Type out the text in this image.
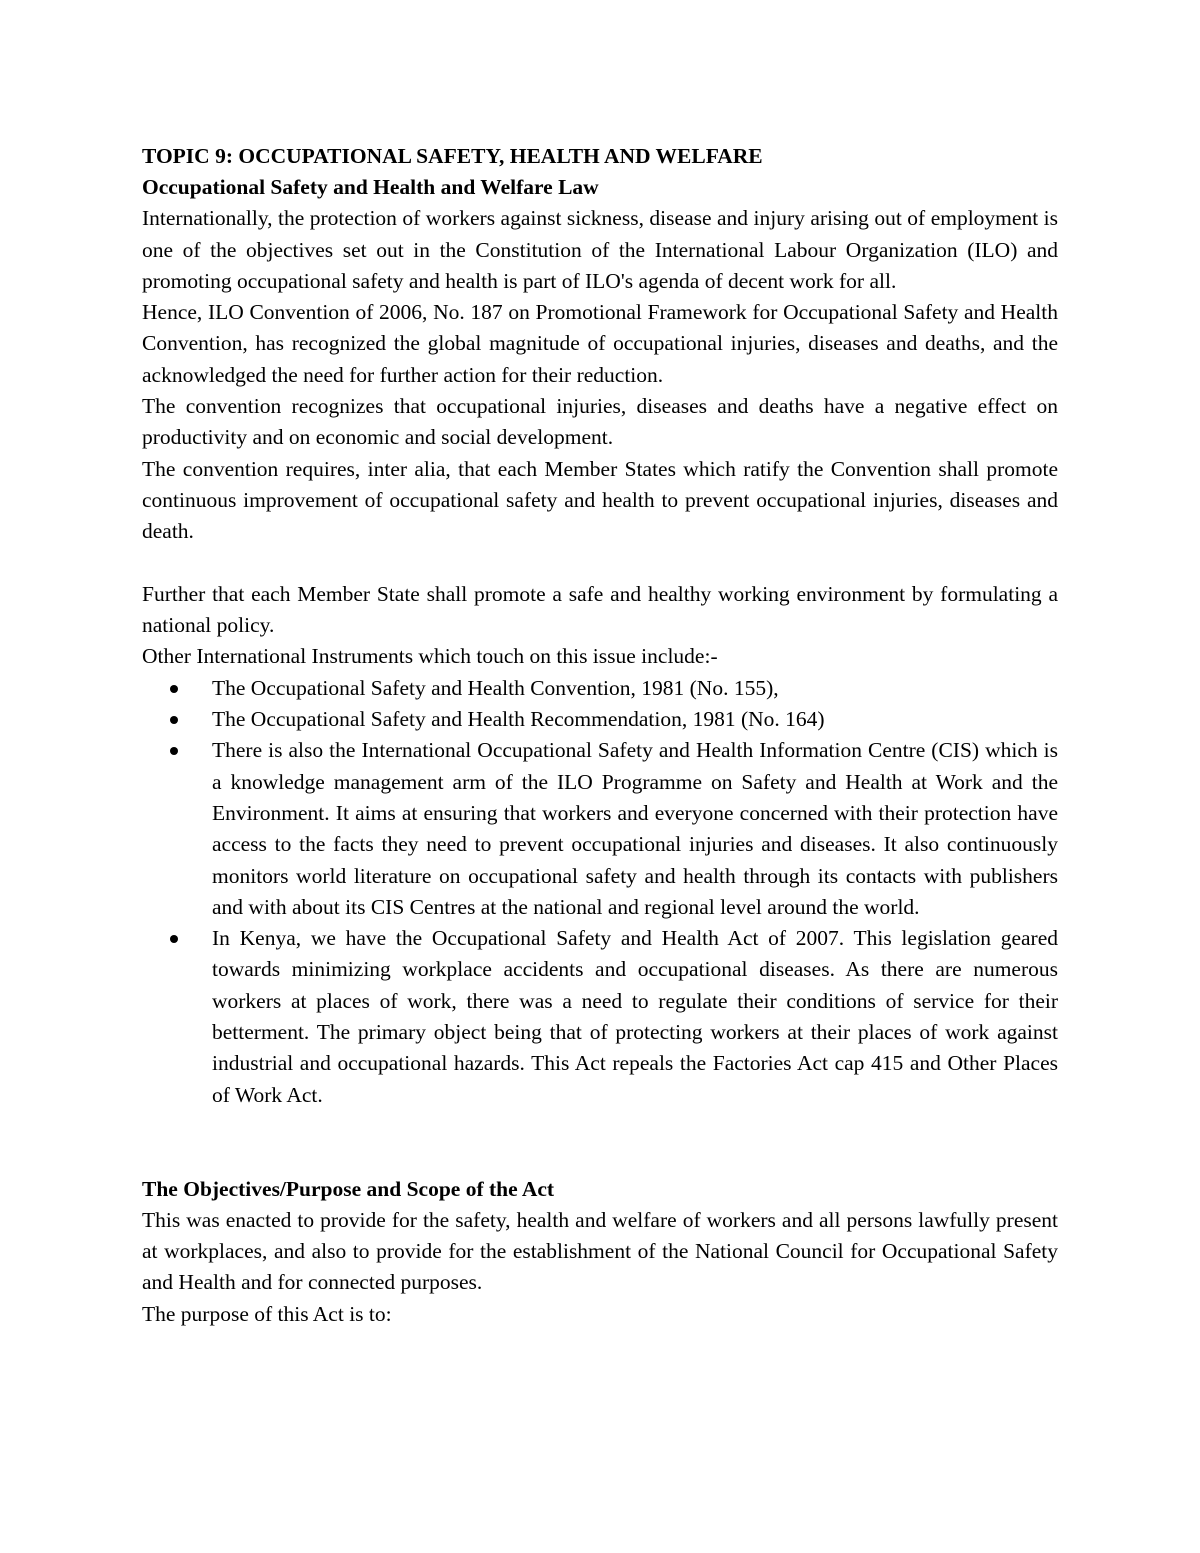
TOPIC 9: OCCUPATIONAL SAFETY, HEALTH AND WELFARE

Occupational Safety and Health and Welfare Law

Internationally, the protection of workers against sickness, disease and injury arising out of employment is one of the objectives set out in the Constitution of the International Labour Organization (ILO) and promoting occupational safety and health is part of ILO's agenda of decent work for all.

Hence, ILO Convention of 2006, No. 187 on Promotional Framework for Occupational Safety and Health Convention, has recognized the global magnitude of occupational injuries, diseases and deaths, and the acknowledged the need for further action for their reduction.

The convention recognizes that occupational injuries, diseases and deaths have a negative effect on productivity and on economic and social development.

The convention requires, inter alia, that each Member States which ratify the Convention shall promote continuous improvement of occupational safety and health to prevent occupational injuries, diseases and death.

Further that each Member State shall promote a safe and healthy working environment by formulating a national policy.

Other International Instruments which touch on this issue include:-

The Occupational Safety and Health Convention, 1981 (No. 155),
The Occupational Safety and Health Recommendation, 1981 (No. 164)
There is also the International Occupational Safety and Health Information Centre (CIS) which is a knowledge management arm of the ILO Programme on Safety and Health at Work and the Environment. It aims at ensuring that workers and everyone concerned with their protection have access to the facts they need to prevent occupational injuries and diseases. It also continuously monitors world literature on occupational safety and health through its contacts with publishers and with about its CIS Centres at the national and regional level around the world.
In Kenya, we have the Occupational Safety and Health Act of 2007. This legislation geared towards minimizing workplace accidents and occupational diseases. As there are numerous workers at places of work, there was a need to regulate their conditions of service for their betterment. The primary object being that of protecting workers at their places of work against industrial and occupational hazards. This Act repeals the Factories Act cap 415 and Other Places of Work Act.

The Objectives/Purpose and Scope of the Act

This was enacted to provide for the safety, health and welfare of workers and all persons lawfully present at workplaces, and also to provide for the establishment of the National Council for Occupational Safety and Health and for connected purposes.

The purpose of this Act is to:
